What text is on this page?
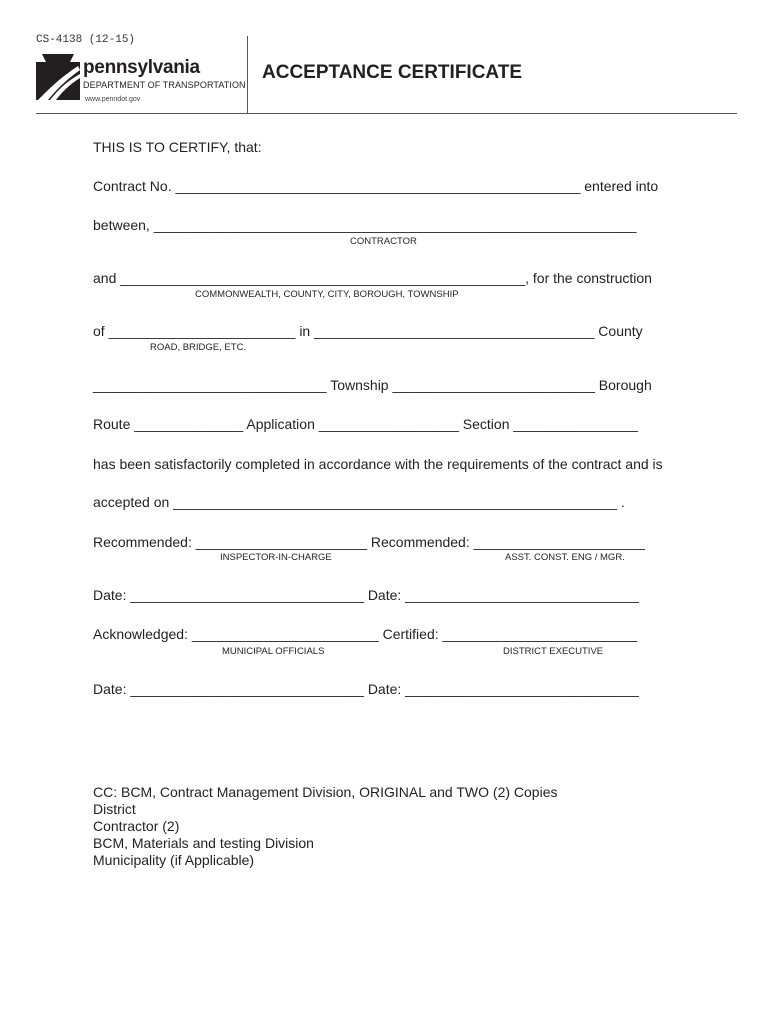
CS-4138 (12-15)
pennsylvania
DEPARTMENT OF TRANSPORTATION
www.penndot.gov
ACCEPTANCE CERTIFICATE
THIS IS TO CERTIFY, that:
Contract No. ____________________________________________________ entered into
between, ______________________________________________________________
CONTRACTOR
and ____________________________________________________, for the construction
COMMONWEALTH, COUNTY, CITY, BOROUGH, TOWNSHIP
of ________________________ in ____________________________________ County
ROAD, BRIDGE, ETC.
______________________________ Township __________________________ Borough
Route ______________ Application __________________ Section ________________
has been satisfactorily completed in accordance with the requirements of the contract and is
accepted on _________________________________________________________ .
Recommended: ______________________ Recommended: ______________________
INSPECTOR-IN-CHARGE	ASST. CONST. ENG / MGR.
Date: ______________________________ Date: ______________________________
Acknowledged: ________________________ Certified: _________________________
MUNICIPAL OFFICIALS	DISTRICT EXECUTIVE
Date: ______________________________ Date: ______________________________
CC: BCM, Contract Management Division, ORIGINAL and TWO (2) Copies
District
Contractor (2)
BCM, Materials and testing Division
Municipality (if Applicable)
